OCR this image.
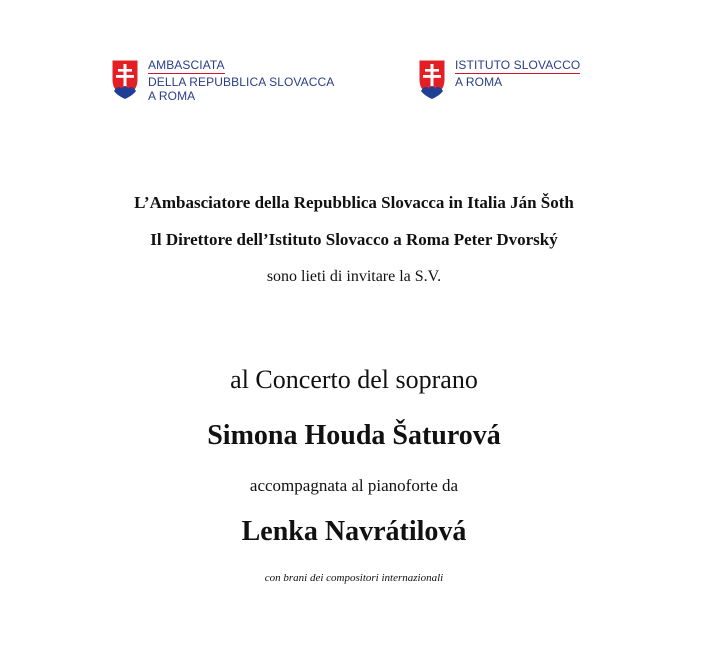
AMBASCIATA
DELLA REPUBBLICA SLOVACCA
A ROMA
ISTITUTO SLOVACCO
A ROMA
L’Ambasciatore della Repubblica Slovacca in Italia Ján Šoth
Il Direttore dell’Istituto Slovacco a Roma Peter Dvorský
sono lieti di invitare la S.V.
al Concerto del soprano
Simona Houda Šaturová
accompagnata al pianoforte da
Lenka Navrátilová
con brani dei compositori internazionali
